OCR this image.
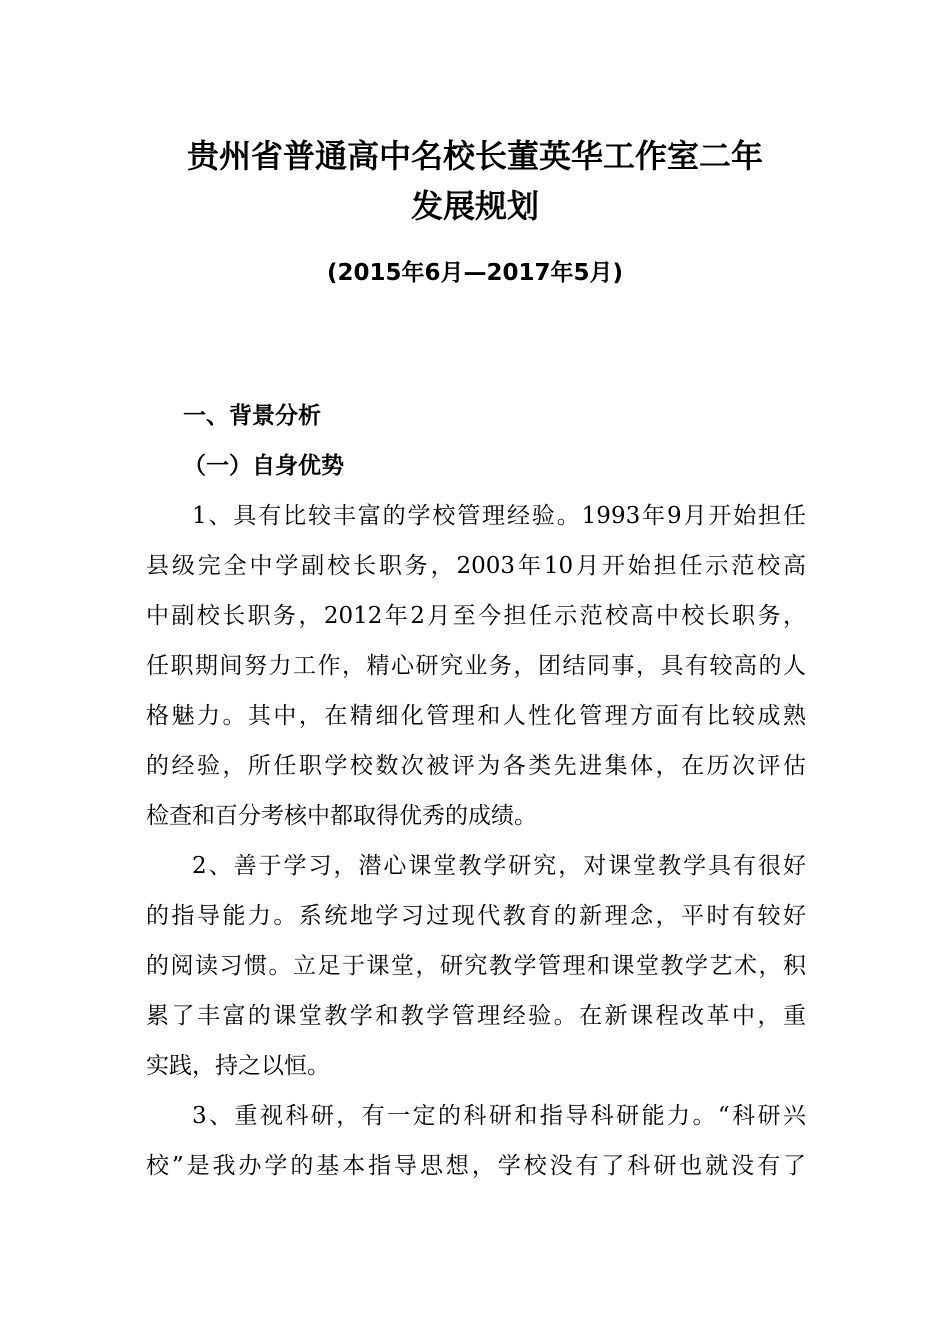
贵州省普通高中名校长董英华工作室二年
发展规划
(2015年6月—2017年5月)
一、背景分析
（一）自身优势
1、具有比较丰富的学校管理经验。1993年9月开始担任
县级完全中学副校长职务，2003年10月开始担任示范校高
中副校长职务，2012年2月至今担任示范校高中校长职务，
任职期间努力工作，精心研究业务，团结同事，具有较高的人
格魅力。其中，在精细化管理和人性化管理方面有比较成熟
的经验，所任职学校数次被评为各类先进集体，在历次评估
检查和百分考核中都取得优秀的成绩。
2、善于学习，潜心课堂教学研究，对课堂教学具有很好
的指导能力。系统地学习过现代教育的新理念，平时有较好
的阅读习惯。立足于课堂，研究教学管理和课堂教学艺术，积
累了丰富的课堂教学和教学管理经验。在新课程改革中，重
实践，持之以恒。
3、重视科研，有一定的科研和指导科研能力。“科研兴
校”是我办学的基本指导思想，学校没有了科研也就没有了
